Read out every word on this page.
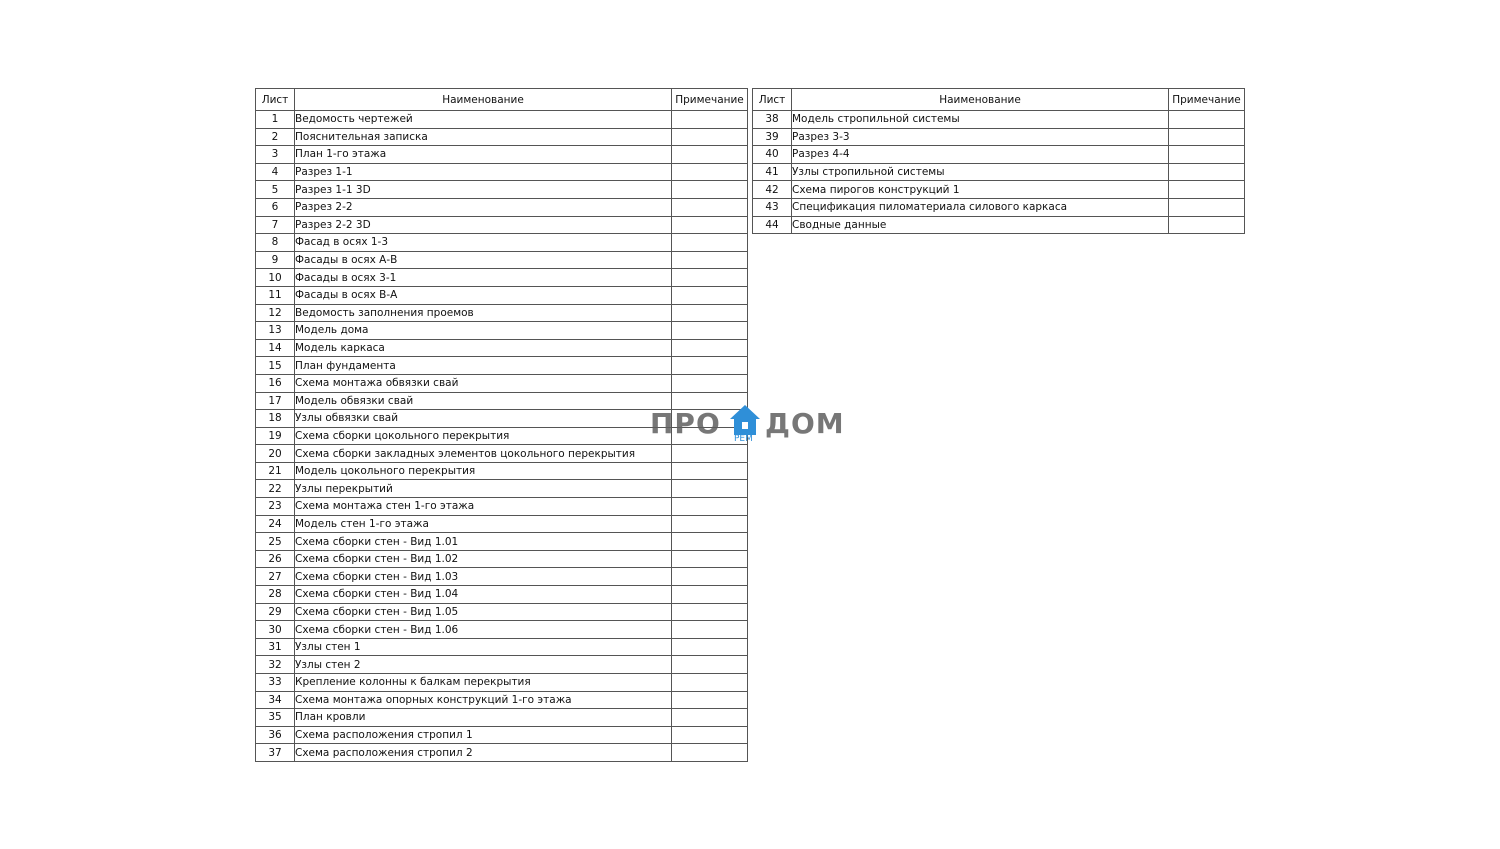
Лист	Наименование	Примечание
1	Ведомость чертежей	
2	Пояснительная записка	
3	План 1-го этажа	
4	Разрез 1-1	
5	Разрез 1-1 3D	
6	Разрез 2-2	
7	Разрез 2-2 3D	
8	Фасад в осях 1-3	
9	Фасады в осях А-В	
10	Фасады в осях 3-1	
11	Фасады в осях В-А	
12	Ведомость заполнения проемов	
13	Модель дома	
14	Модель каркаса	
15	План фундамента	
16	Схема монтажа обвязки свай	
17	Модель обвязки свай	
18	Узлы обвязки свай	
19	Схема сборки цокольного перекрытия	
20	Схема сборки закладных элементов цокольного перекрытия	
21	Модель цокольного перекрытия	
22	Узлы перекрытий	
23	Схема монтажа стен 1-го этажа	
24	Модель стен 1-го этажа	
25	Схема сборки стен - Вид 1.01	
26	Схема сборки стен - Вид 1.02	
27	Схема сборки стен - Вид 1.03	
28	Схема сборки стен - Вид 1.04	
29	Схема сборки стен - Вид 1.05	
30	Схема сборки стен - Вид 1.06	
31	Узлы стен 1	
32	Узлы стен 2	
33	Крепление колонны к балкам перекрытия	
34	Схема монтажа опорных конструкций 1-го этажа	
35	План кровли	
36	Схема расположения стропил 1	
37	Схема расположения стропил 2	
Лист	Наименование	Примечание
38	Модель стропильной системы	
39	Разрез 3-3	
40	Разрез 4-4	
41	Узлы стропильной системы	
42	Схема пирогов конструкций 1	
43	Спецификация пиломатериала силового каркаса	
44	Сводные данные	
ПРО РЕМ ДОМ
